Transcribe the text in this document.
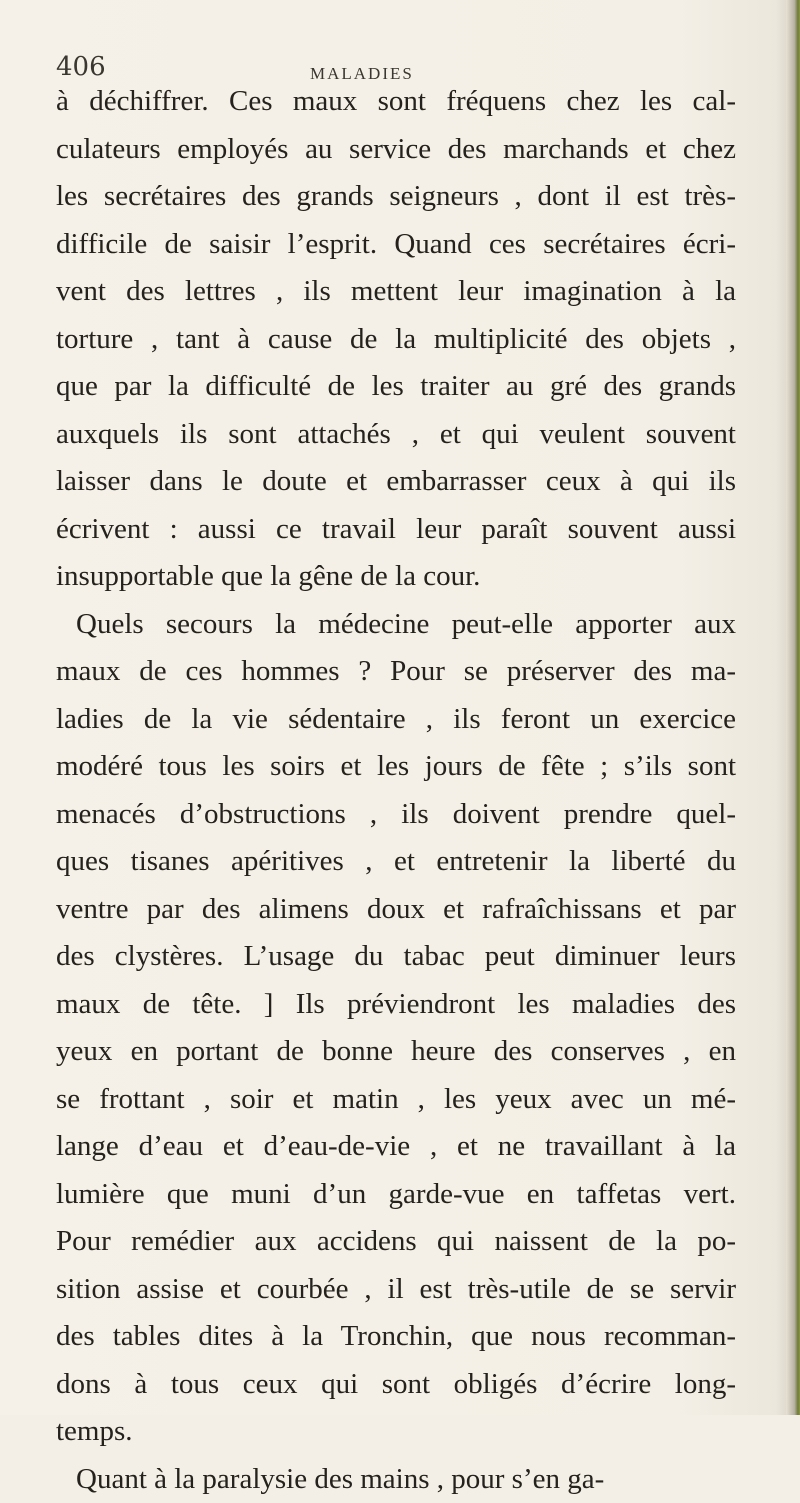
406	MALADIES
à déchiffrer. Ces maux sont fréquens chez les cal-
culateurs employés au service des marchands et chez
les secrétaires des grands seigneurs , dont il est très-
difficile de saisir l’esprit. Quand ces secrétaires écri-
vent des lettres , ils mettent leur imagination à la
torture , tant à cause de la multiplicité des objets ,
que par la difficulté de les traiter au gré des grands
auxquels ils sont attachés , et qui veulent souvent
laisser dans le doute et embarrasser ceux à qui ils
écrivent : aussi ce travail leur paraît souvent aussi
insupportable que la gêne de la cour.
Quels secours la médecine peut-elle apporter aux
maux de ces hommes ? Pour se préserver des ma-
ladies de la vie sédentaire , ils feront un exercice
modéré tous les soirs et les jours de fête ; s’ils sont
menacés d’obstructions , ils doivent prendre quel-
ques tisanes apéritives , et entretenir la liberté du
ventre par des alimens doux et rafraîchissans et par
des clystères. L’usage du tabac peut diminuer leurs
maux de tête. ] Ils préviendront les maladies des
yeux en portant de bonne heure des conserves , en
se frottant , soir et matin , les yeux avec un mé-
lange d’eau et d’eau-de-vie , et ne travaillant à la
lumière que muni d’un garde-vue en taffetas vert.
Pour remédier aux accidens qui naissent de la po-
sition assise et courbée , il est très-utile de se servir
des tables dites à la Tronchin, que nous recomman-
dons à tous ceux qui sont obligés d’écrire long-
temps.
Quant à la paralysie des mains , pour s’en ga-
